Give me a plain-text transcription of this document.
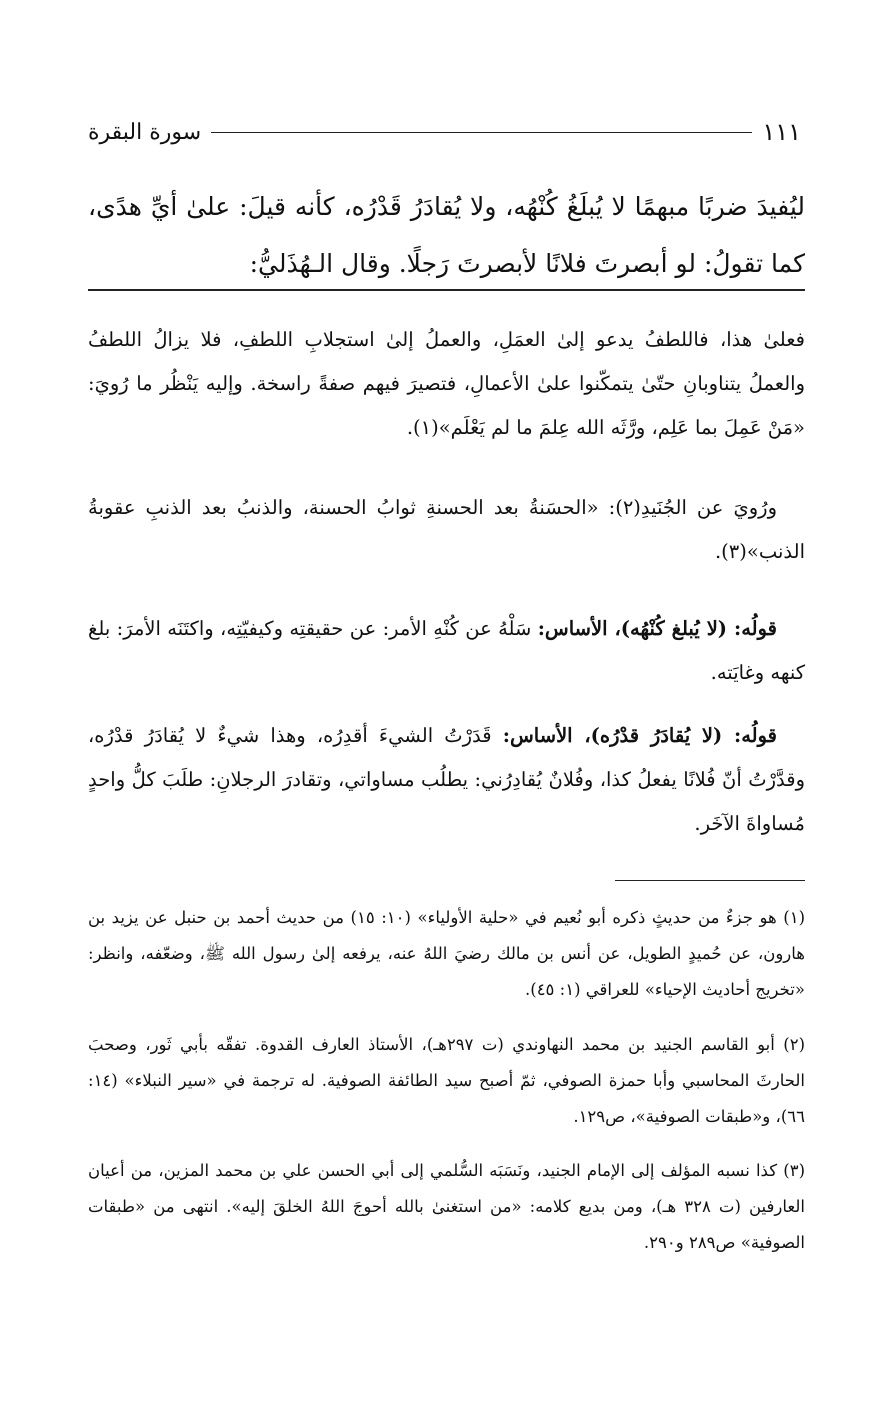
سورة البقرة	١١١
ليُفيدَ ضربًا مبهمًا لا يُبلَغُ كُنْهُه، ولا يُقادَرُ قَدْرُه، كأنه قيلَ: علىٰ أيِّ هدًى، كما تقولُ: لو أبصرتَ فلانًا لأبصرتَ رَجلًا. وقال الـهُذَليُّ:

فعلىٰ هذا، فاللطفُ يدعو إلىٰ العمَلِ، والعملُ إلىٰ استجلابِ اللطفِ، فلا يزالُ اللطفُ والعملُ يتناوبانِ حتّىٰ يتمكّنوا علىٰ الأعمالِ، فتصيرَ فيهم صفةً راسخة. وإليه يَنْظُر ما رُويَ: «مَنْ عَمِلَ بما عَلِم، ورَّثَه الله عِلمَ ما لم يَعْلَم»(١).

ورُويَ عن الجُنَيدِ(٢): «الحسَنةُ بعد الحسنةِ ثوابُ الحسنة، والذنبُ بعد الذنبِ عقوبةُ الذنب»(٣).

قولُه: (لا يُبلغ كُنْهُه)، الأساس: سَلْهُ عن كُنْهِ الأمر: عن حقيقتِه وكيفيّتِه، واكتَنَه الأمرَ: بلغ كنهه وغايَته.

قولُه: (لا يُقادَرُ قدْرُه)، الأساس: قَدَرْتُ الشيءَ أقدِرُه، وهذا شيءٌ لا يُقادَرُ قدْرُه، وقدَّرْتُ أنّ فُلانًا يفعلُ كذا، وفُلانٌ يُقادِرُني: يطلُب مساواتي، وتقادرَ الرجلانِ: طلَبَ كلُّ واحدٍ مُساواةَ الآخَر.

(١) هو جزءٌ من حديثٍ ذكره أبو نُعيم في «حلية الأولياء» (١٠: ١٥) من حديث أحمد بن حنبل عن يزيد بن هارون، عن حُميدٍ الطويل، عن أنس بن مالك رضيَ اللهُ عنه، يرفعه إلىٰ رسول الله ﷺ، وضعّفه، وانظر: «تخريج أحاديث الإحياء» للعراقي (١: ٤٥).

(٢) أبو القاسم الجنيد بن محمد النهاوندي (ت ٢٩٧هـ)، الأستاذ العارف القدوة. تفقّه بأبي ثَور، وصحبَ الحارثَ المحاسبي وأبا حمزة الصوفي، ثمّ أصبح سيد الطائفة الصوفية. له ترجمة في «سير النبلاء» (١٤: ٦٦)، و«طبقات الصوفية»، ص١٢٩.

(٣) كذا نسبه المؤلف إلى الإمام الجنيد، ونَسَبَه السُّلمي إلى أبي الحسن علي بن محمد المزين، من أعيان العارفين (ت ٣٢٨ هـ)، ومن بديع كلامه: «من استغنىٰ بالله أحوجَ اللهُ الخلقَ إليه». انتهى من «طبقات الصوفية» ص٢٨٩ و٢٩٠.
